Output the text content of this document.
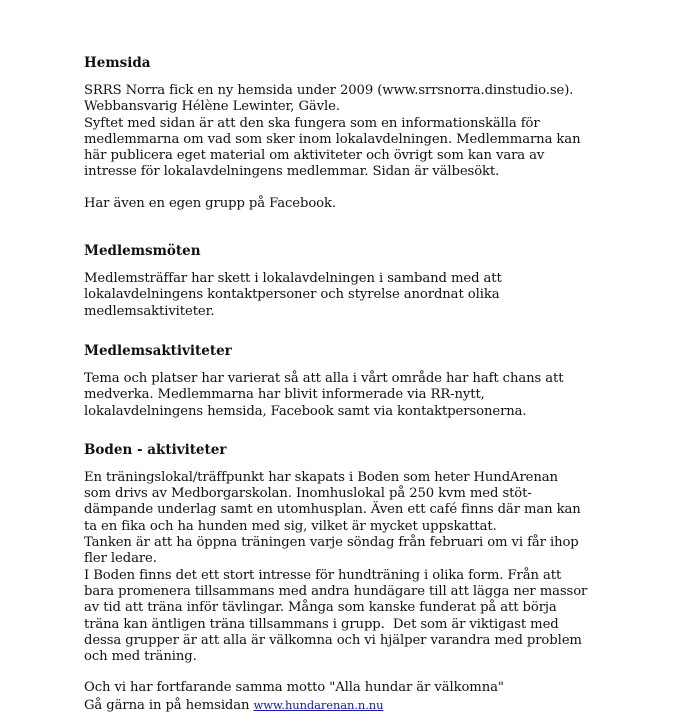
Hemsida
SRRS Norra fick en ny hemsida under 2009 (www.srrsnorra.dinstudio.se).
Webbansvarig Hélène Lewinter, Gävle.
Syftet med sidan är att den ska fungera som en informationskälla för
medlemmarna om vad som sker inom lokalavdelningen. Medlemmarna kan
här publicera eget material om aktiviteter och övrigt som kan vara av
intresse för lokalavdelningens medlemmar. Sidan är välbesökt.
Har även en egen grupp på Facebook.
Medlemsmöten
Medlemsträffar har skett i lokalavdelningen i samband med att
lokalavdelningens kontaktpersoner och styrelse anordnat olika
medlemsaktiviteter.
Medlemsaktiviteter
Tema och platser har varierat så att alla i vårt område har haft chans att
medverka. Medlemmarna har blivit informerade via RR-nytt,
lokalavdelningens hemsida, Facebook samt via kontaktpersonerna.
Boden - aktiviteter
En träningslokal/träffpunkt har skapats i Boden som heter HundArenan
som drivs av Medborgarskolan. Inomhuslokal på 250 kvm med stöt-
dämpande underlag samt en utomhusplan. Även ett café finns där man kan
ta en fika och ha hunden med sig, vilket är mycket uppskattat.
Tanken är att ha öppna träningen varje söndag från februari om vi får ihop
fler ledare.
I Boden finns det ett stort intresse för hundträning i olika form. Från att
bara promenera tillsammans med andra hundägare till att lägga ner massor
av tid att träna inför tävlingar. Många som kanske funderat på att börja
träna kan äntligen träna tillsammans i grupp.  Det som är viktigast med
dessa grupper är att alla är välkomna och vi hjälper varandra med problem
och med träning.
Och vi har fortfarande samma motto "Alla hundar är välkomna"
Gå gärna in på hemsidan www.hundarenan.n.nu
